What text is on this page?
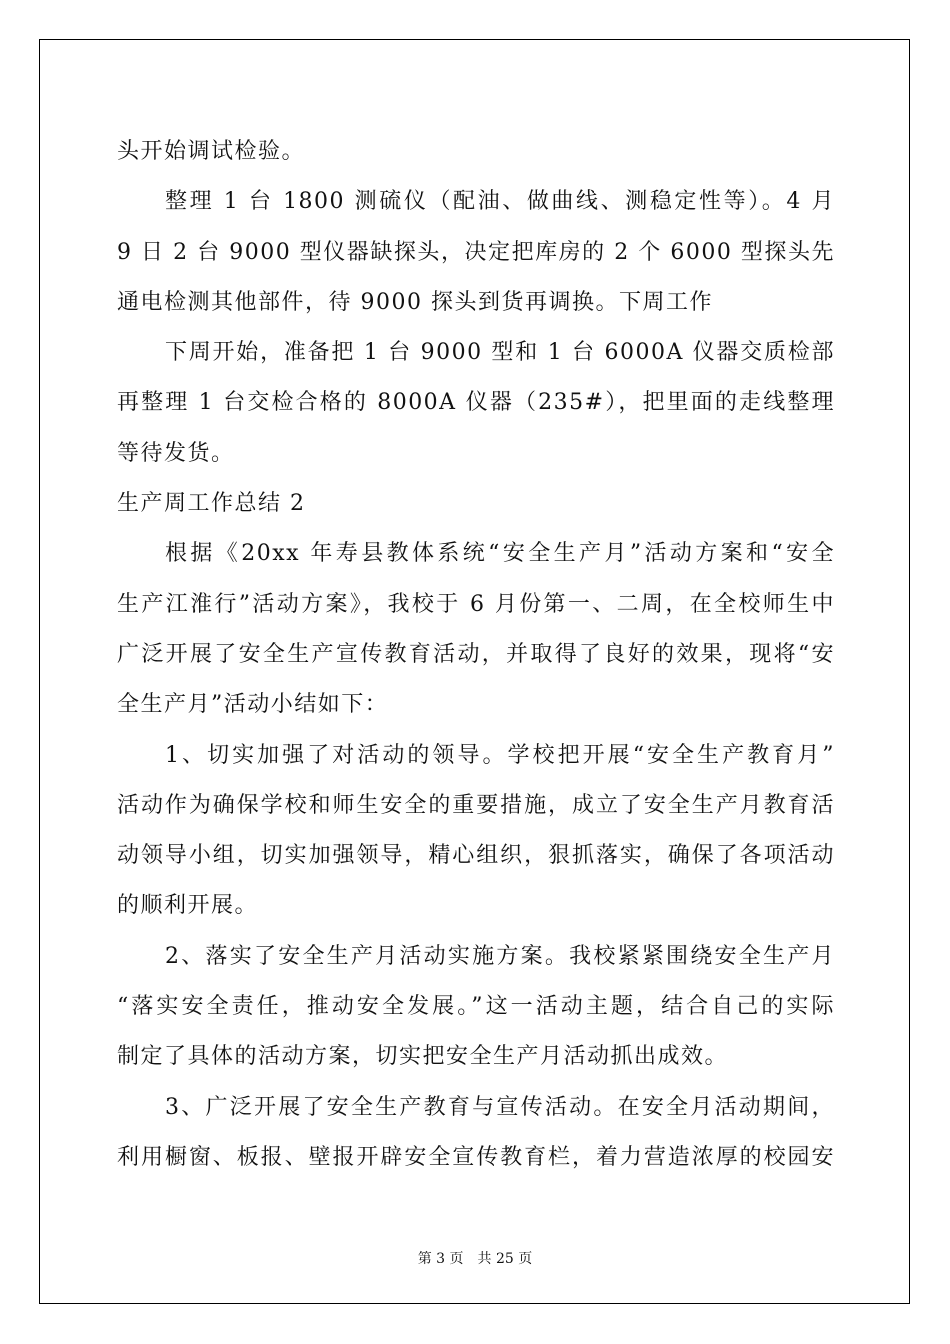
头开始调试检验。
整理 1 台 1800 测硫仪（配油、做曲线、测稳定性等）。4 月
9 日 2 台 9000 型仪器缺探头，决定把库房的 2 个 6000 型探头先
通电检测其他部件，待 9000 探头到货再调换。下周工作
下周开始，准备把 1 台 9000 型和 1 台 6000A 仪器交质检部
再整理 1 台交检合格的 8000A 仪器（235#），把里面的走线整理
等待发货。
生产周工作总结 2
根据《20xx 年寿县教体系统“安全生产月”活动方案和“安全
生产江淮行”活动方案》，我校于 6 月份第一、二周，在全校师生中
广泛开展了安全生产宣传教育活动，并取得了良好的效果，现将“安
全生产月”活动小结如下：
1、切实加强了对活动的领导。学校把开展“安全生产教育月”
活动作为确保学校和师生安全的重要措施，成立了安全生产月教育活
动领导小组，切实加强领导，精心组织，狠抓落实，确保了各项活动
的顺利开展。
2、落实了安全生产月活动实施方案。我校紧紧围绕安全生产月
“落实安全责任，推动安全发展。”这一活动主题，结合自己的实际
制定了具体的活动方案，切实把安全生产月活动抓出成效。
3、广泛开展了安全生产教育与宣传活动。在安全月活动期间，
利用橱窗、板报、壁报开辟安全宣传教育栏，着力营造浓厚的校园安
第 3 页 共 25 页
